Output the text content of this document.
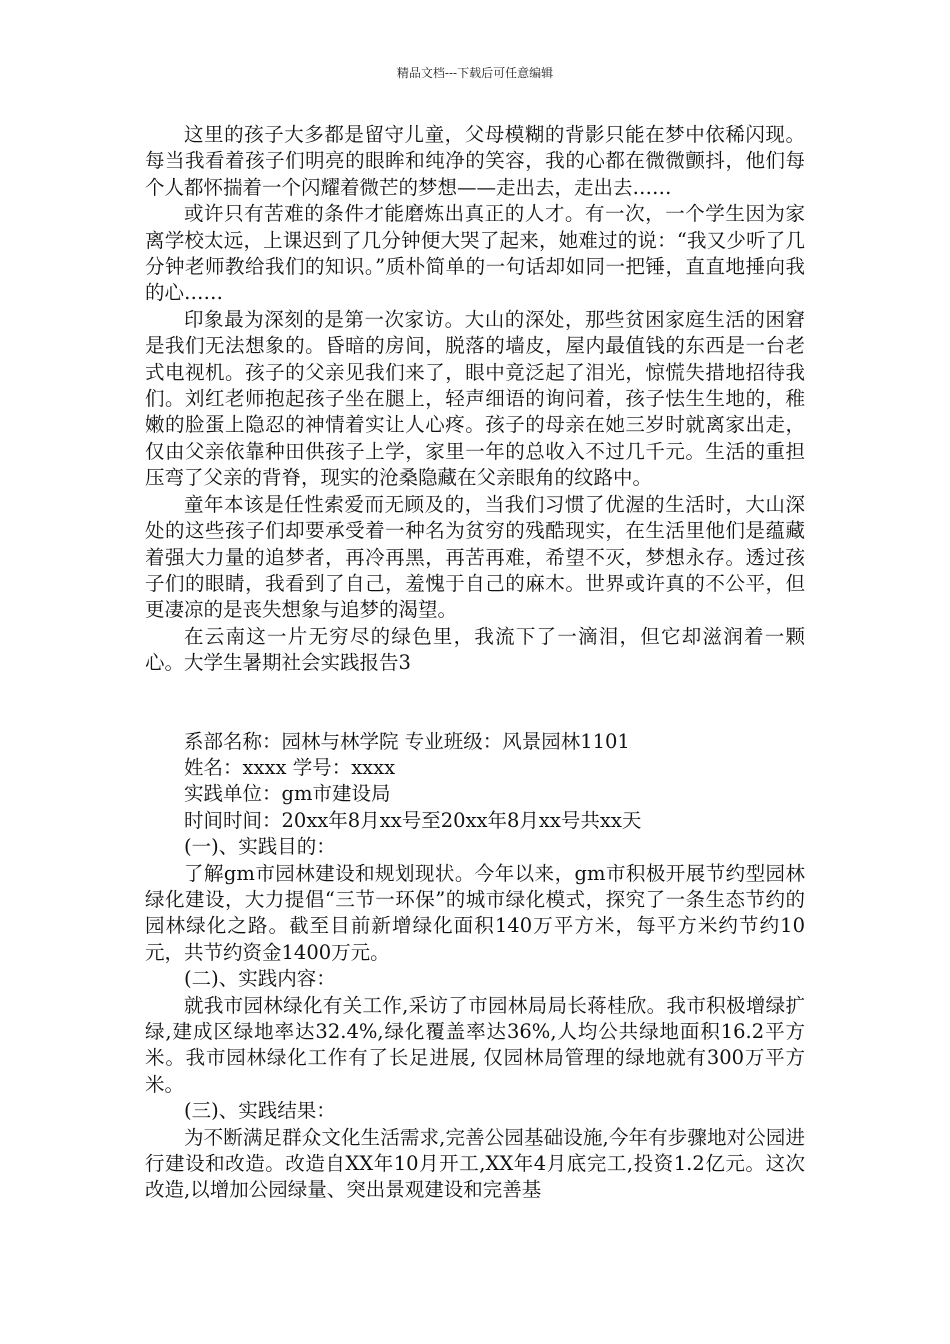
精品文档---下载后可任意编辑

这里的孩子大多都是留守儿童，父母模糊的背影只能在梦中依稀闪现。每当我看着孩子们明亮的眼眸和纯净的笑容，我的心都在微微颤抖，他们每个人都怀揣着一个闪耀着微芒的梦想——走出去，走出去……

或许只有苦难的条件才能磨炼出真正的人才。有一次，一个学生因为家离学校太远，上课迟到了几分钟便大哭了起来，她难过的说：“我又少听了几分钟老师教给我们的知识。”质朴简单的一句话却如同一把锤，直直地捶向我的心……

印象最为深刻的是第一次家访。大山的深处，那些贫困家庭生活的困窘是我们无法想象的。昏暗的房间，脱落的墙皮，屋内最值钱的东西是一台老式电视机。孩子的父亲见我们来了，眼中竟泛起了泪光，惊慌失措地招待我们。刘红老师抱起孩子坐在腿上，轻声细语的询问着，孩子怯生生地的，稚嫩的脸蛋上隐忍的神情着实让人心疼。孩子的母亲在她三岁时就离家出走，仅由父亲依靠种田供孩子上学，家里一年的总收入不过几千元。生活的重担压弯了父亲的背脊，现实的沧桑隐藏在父亲眼角的纹路中。

童年本该是任性索爱而无顾及的，当我们习惯了优渥的生活时，大山深处的这些孩子们却要承受着一种名为贫穷的残酷现实，在生活里他们是蕴藏着强大力量的追梦者，再冷再黑，再苦再难，希望不灭，梦想永存。透过孩子们的眼睛，我看到了自己，羞愧于自己的麻木。世界或许真的不公平，但更凄凉的是丧失想象与追梦的渴望。

在云南这一片无穷尽的绿色里，我流下了一滴泪，但它却滋润着一颗心。大学生暑期社会实践报告3

系部名称：园林与林学院 专业班级：风景园林1101

姓名：xxxx 学号：xxxx

实践单位：gm市建设局

时间时间：20xx年8月xx号至20xx年8月xx号共xx天

(一)、实践目的：

了解gm市园林建设和规划现状。今年以来，gm市积极开展节约型园林绿化建设，大力提倡“三节一环保”的城市绿化模式，探究了一条生态节约的园林绿化之路。截至目前新增绿化面积140万平方米，每平方米约节约10元，共节约资金1400万元。

(二)、实践内容：

就我市园林绿化有关工作,采访了市园林局局长蒋桂欣。我市积极增绿扩绿,建成区绿地率达32.4%,绿化覆盖率达36%,人均公共绿地面积16.2平方米。我市园林绿化工作有了长足进展, 仅园林局管理的绿地就有300万平方米。

(三)、实践结果：

为不断满足群众文化生活需求,完善公园基础设施,今年有步骤地对公园进行建设和改造。改造自XX年10月开工,XX年4月底完工,投资1.2亿元。这次改造,以增加公园绿量、突出景观建设和完善基
